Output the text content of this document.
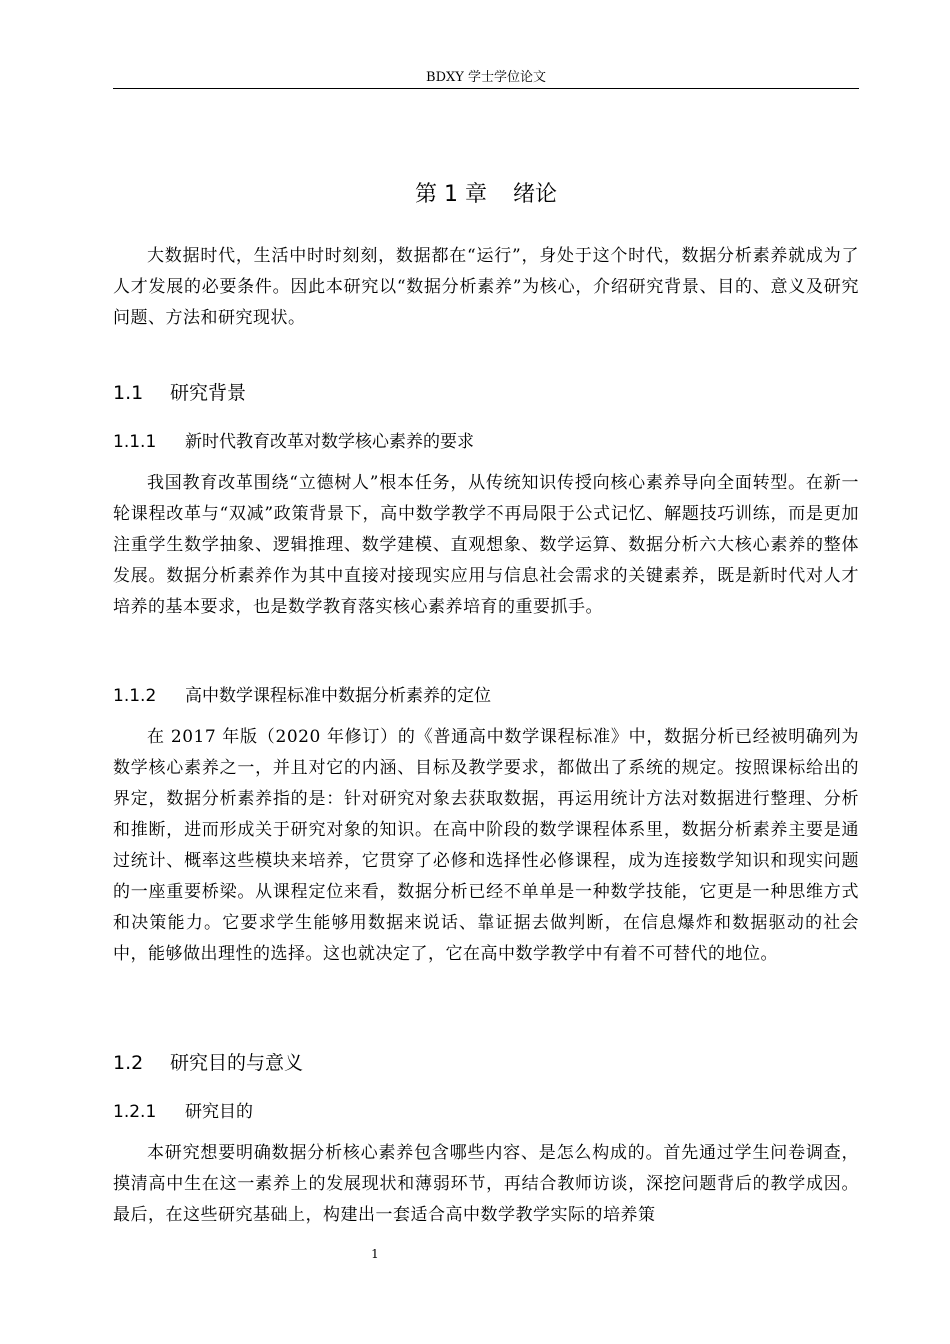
BDXY 学士学位论文
第 1 章 绪论

大数据时代，生活中时时刻刻，数据都在“运行”，身处于这个时代，数据分析素养就成为了人才发展的必要条件。因此本研究以“数据分析素养”为核心，介绍研究背景、目的、意义及研究问题、方法和研究现状。

1.1 研究背景
1.1.1 新时代教育改革对数学核心素养的要求

我国教育改革围绕“立德树人”根本任务，从传统知识传授向核心素养导向全面转型。在新一轮课程改革与“双减”政策背景下，高中数学教学不再局限于公式记忆、解题技巧训练，而是更加注重学生数学抽象、逻辑推理、数学建模、直观想象、数学运算、数据分析六大核心素养的整体发展。数据分析素养作为其中直接对接现实应用与信息社会需求的关键素养，既是新时代对人才培养的基本要求，也是数学教育落实核心素养培育的重要抓手。

1.1.2 高中数学课程标准中数据分析素养的定位

在 2017 年版（2020 年修订）的《普通高中数学课程标准》中，数据分析已经被明确列为数学核心素养之一，并且对它的内涵、目标及教学要求，都做出了系统的规定。按照课标给出的界定，数据分析素养指的是：针对研究对象去获取数据，再运用统计方法对数据进行整理、分析和推断，进而形成关于研究对象的知识。在高中阶段的数学课程体系里，数据分析素养主要是通过统计、概率这些模块来培养，它贯穿了必修和选择性必修课程，成为连接数学知识和现实问题的一座重要桥梁。从课程定位来看，数据分析已经不单单是一种数学技能，它更是一种思维方式和决策能力。它要求学生能够用数据来说话、靠证据去做判断，在信息爆炸和数据驱动的社会中，能够做出理性的选择。这也就决定了，它在高中数学教学中有着不可替代的地位。

1.2 研究目的与意义
1.2.1 研究目的

本研究想要明确数据分析核心素养包含哪些内容、是怎么构成的。首先通过学生问卷调查，摸清高中生在这一素养上的发展现状和薄弱环节，再结合教师访谈，深挖问题背后的教学成因。最后，在这些研究基础上，构建出一套适合高中数学教学实际的培养策

1
